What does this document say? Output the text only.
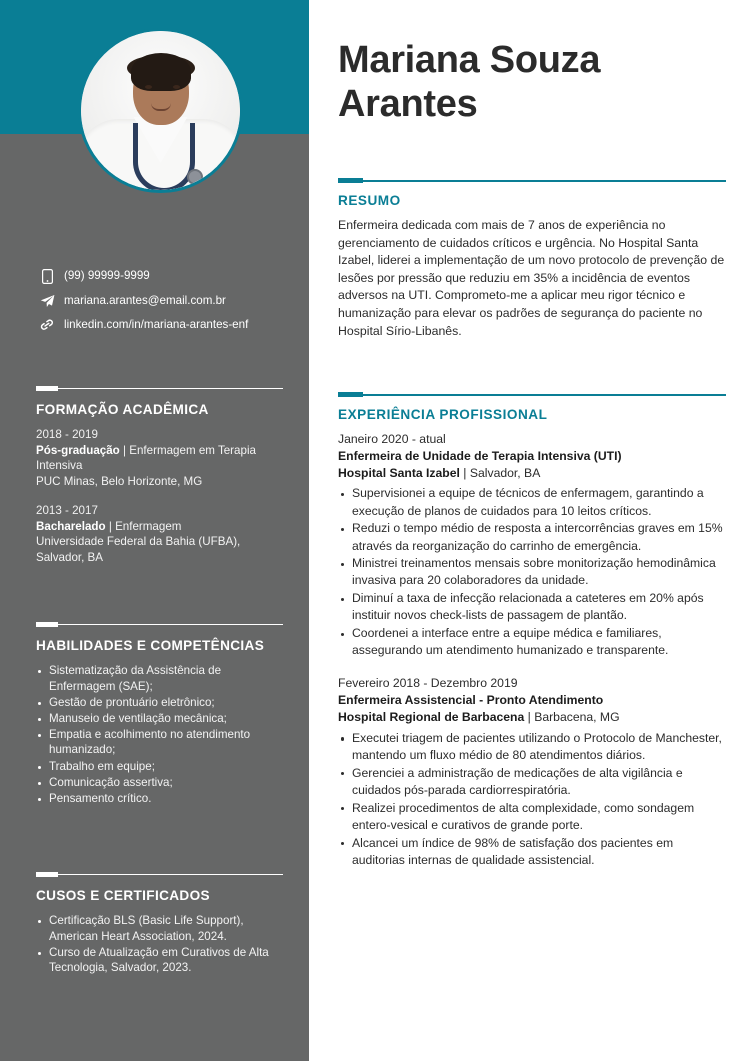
(99) 99999-9999
mariana.arantes@email.com.br
linkedin.com/in/mariana-arantes-enf
FORMAÇÃO ACADÊMICA
2018 - 2019
Pós-graduação | Enfermagem em Terapia Intensiva
PUC Minas, Belo Horizonte, MG
2013 - 2017
Bacharelado | Enfermagem
Universidade Federal da Bahia (UFBA), Salvador, BA
HABILIDADES E COMPETÊNCIAS
Sistematização da Assistência de Enfermagem (SAE);
Gestão de prontuário eletrônico;
Manuseio de ventilação mecânica;
Empatia e acolhimento no atendimento humanizado;
Trabalho em equipe;
Comunicação assertiva;
Pensamento crítico.
CUSOS E CERTIFICADOS
Certificação BLS (Basic Life Support), American Heart Association, 2024.
Curso de Atualização em Curativos de Alta Tecnologia, Salvador, 2023.
Mariana Souza Arantes
RESUMO
Enfermeira dedicada com mais de 7 anos de experiência no gerenciamento de cuidados críticos e urgência. No Hospital Santa Izabel, liderei a implementação de um novo protocolo de prevenção de lesões por pressão que reduziu em 35% a incidência de eventos adversos na UTI. Comprometo-me a aplicar meu rigor técnico e humanização para elevar os padrões de segurança do paciente no Hospital Sírio-Libanês.
EXPERIÊNCIA PROFISSIONAL
Janeiro 2020 - atual
Enfermeira de Unidade de Terapia Intensiva (UTI)
Hospital Santa Izabel | Salvador, BA
Supervisionei a equipe de técnicos de enfermagem, garantindo a execução de planos de cuidados para 10 leitos críticos.
Reduzi o tempo médio de resposta a intercorrências graves em 15% através da reorganização do carrinho de emergência.
Ministrei treinamentos mensais sobre monitorização hemodinâmica invasiva para 20 colaboradores da unidade.
Diminuí a taxa de infecção relacionada a cateteres em 20% após instituir novos check-lists de passagem de plantão.
Coordenei a interface entre a equipe médica e familiares, assegurando um atendimento humanizado e transparente.
Fevereiro 2018 - Dezembro 2019
Enfermeira Assistencial - Pronto Atendimento
Hospital Regional de Barbacena | Barbacena, MG
Executei triagem de pacientes utilizando o Protocolo de Manchester, mantendo um fluxo médio de 80 atendimentos diários.
Gerenciei a administração de medicações de alta vigilância e cuidados pós-parada cardiorrespiratória.
Realizei procedimentos de alta complexidade, como sondagem entero-vesical e curativos de grande porte.
Alcancei um índice de 98% de satisfação dos pacientes em auditorias internas de qualidade assistencial.
